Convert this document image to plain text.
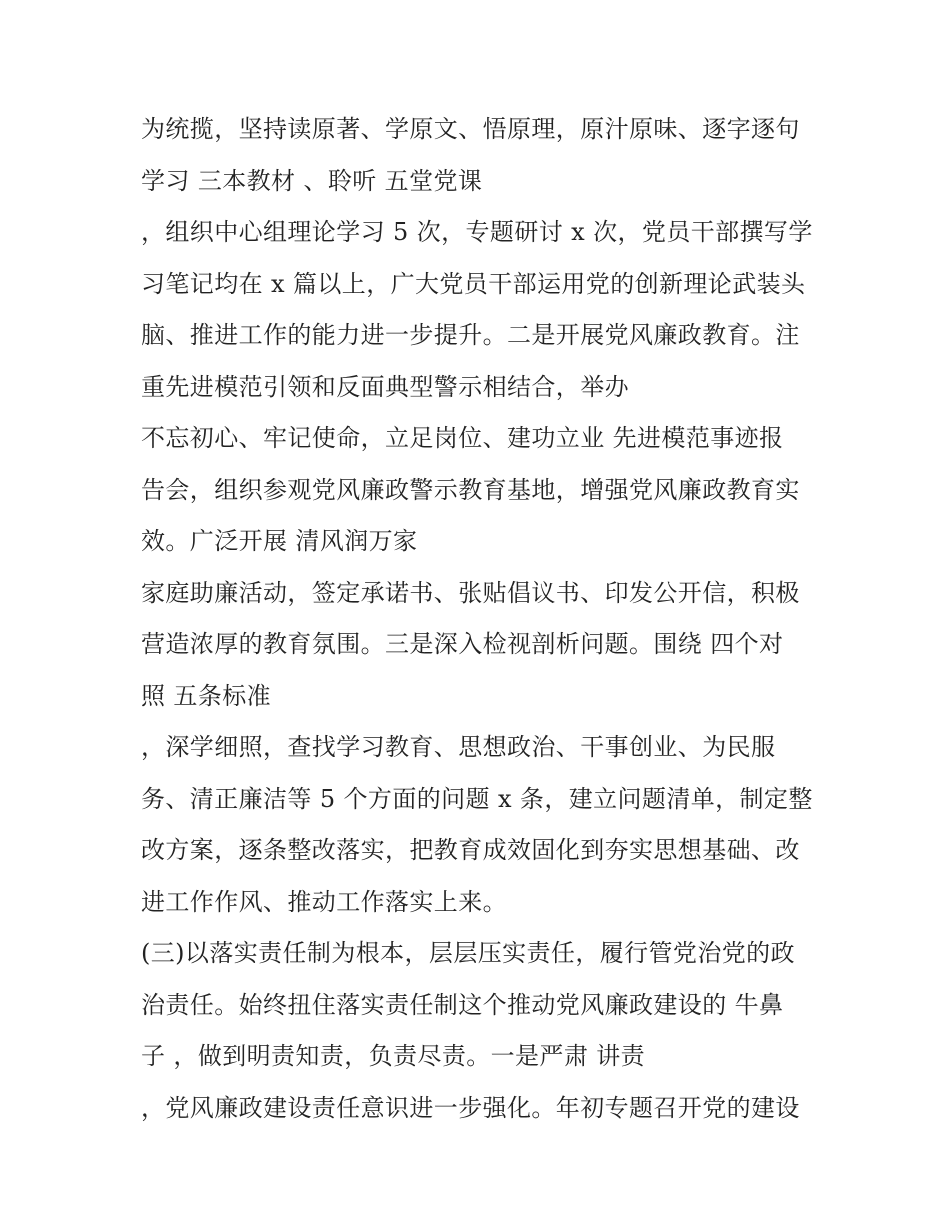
为统揽，坚持读原著、学原文、悟原理，原汁原味、逐字逐句
学习 三本教材 、聆听 五堂党课
，组织中心组理论学习 5 次，专题研讨 x 次，党员干部撰写学
习笔记均在 x 篇以上，广大党员干部运用党的创新理论武装头
脑、推进工作的能力进一步提升。二是开展党风廉政教育。注
重先进模范引领和反面典型警示相结合，举办
不忘初心、牢记使命，立足岗位、建功立业 先进模范事迹报
告会，组织参观党风廉政警示教育基地，增强党风廉政教育实
效。广泛开展 清风润万家
家庭助廉活动，签定承诺书、张贴倡议书、印发公开信，积极
营造浓厚的教育氛围。三是深入检视剖析问题。围绕 四个对
照 五条标准
，深学细照，查找学习教育、思想政治、干事创业、为民服
务、清正廉洁等 5 个方面的问题 x 条，建立问题清单，制定整
改方案，逐条整改落实，把教育成效固化到夯实思想基础、改
进工作作风、推动工作落实上来。
(三)以落实责任制为根本，层层压实责任，履行管党治党的政
治责任。始终扭住落实责任制这个推动党风廉政建设的 牛鼻
子 ，做到明责知责，负责尽责。一是严肃 讲责
，党风廉政建设责任意识进一步强化。年初专题召开党的建设
